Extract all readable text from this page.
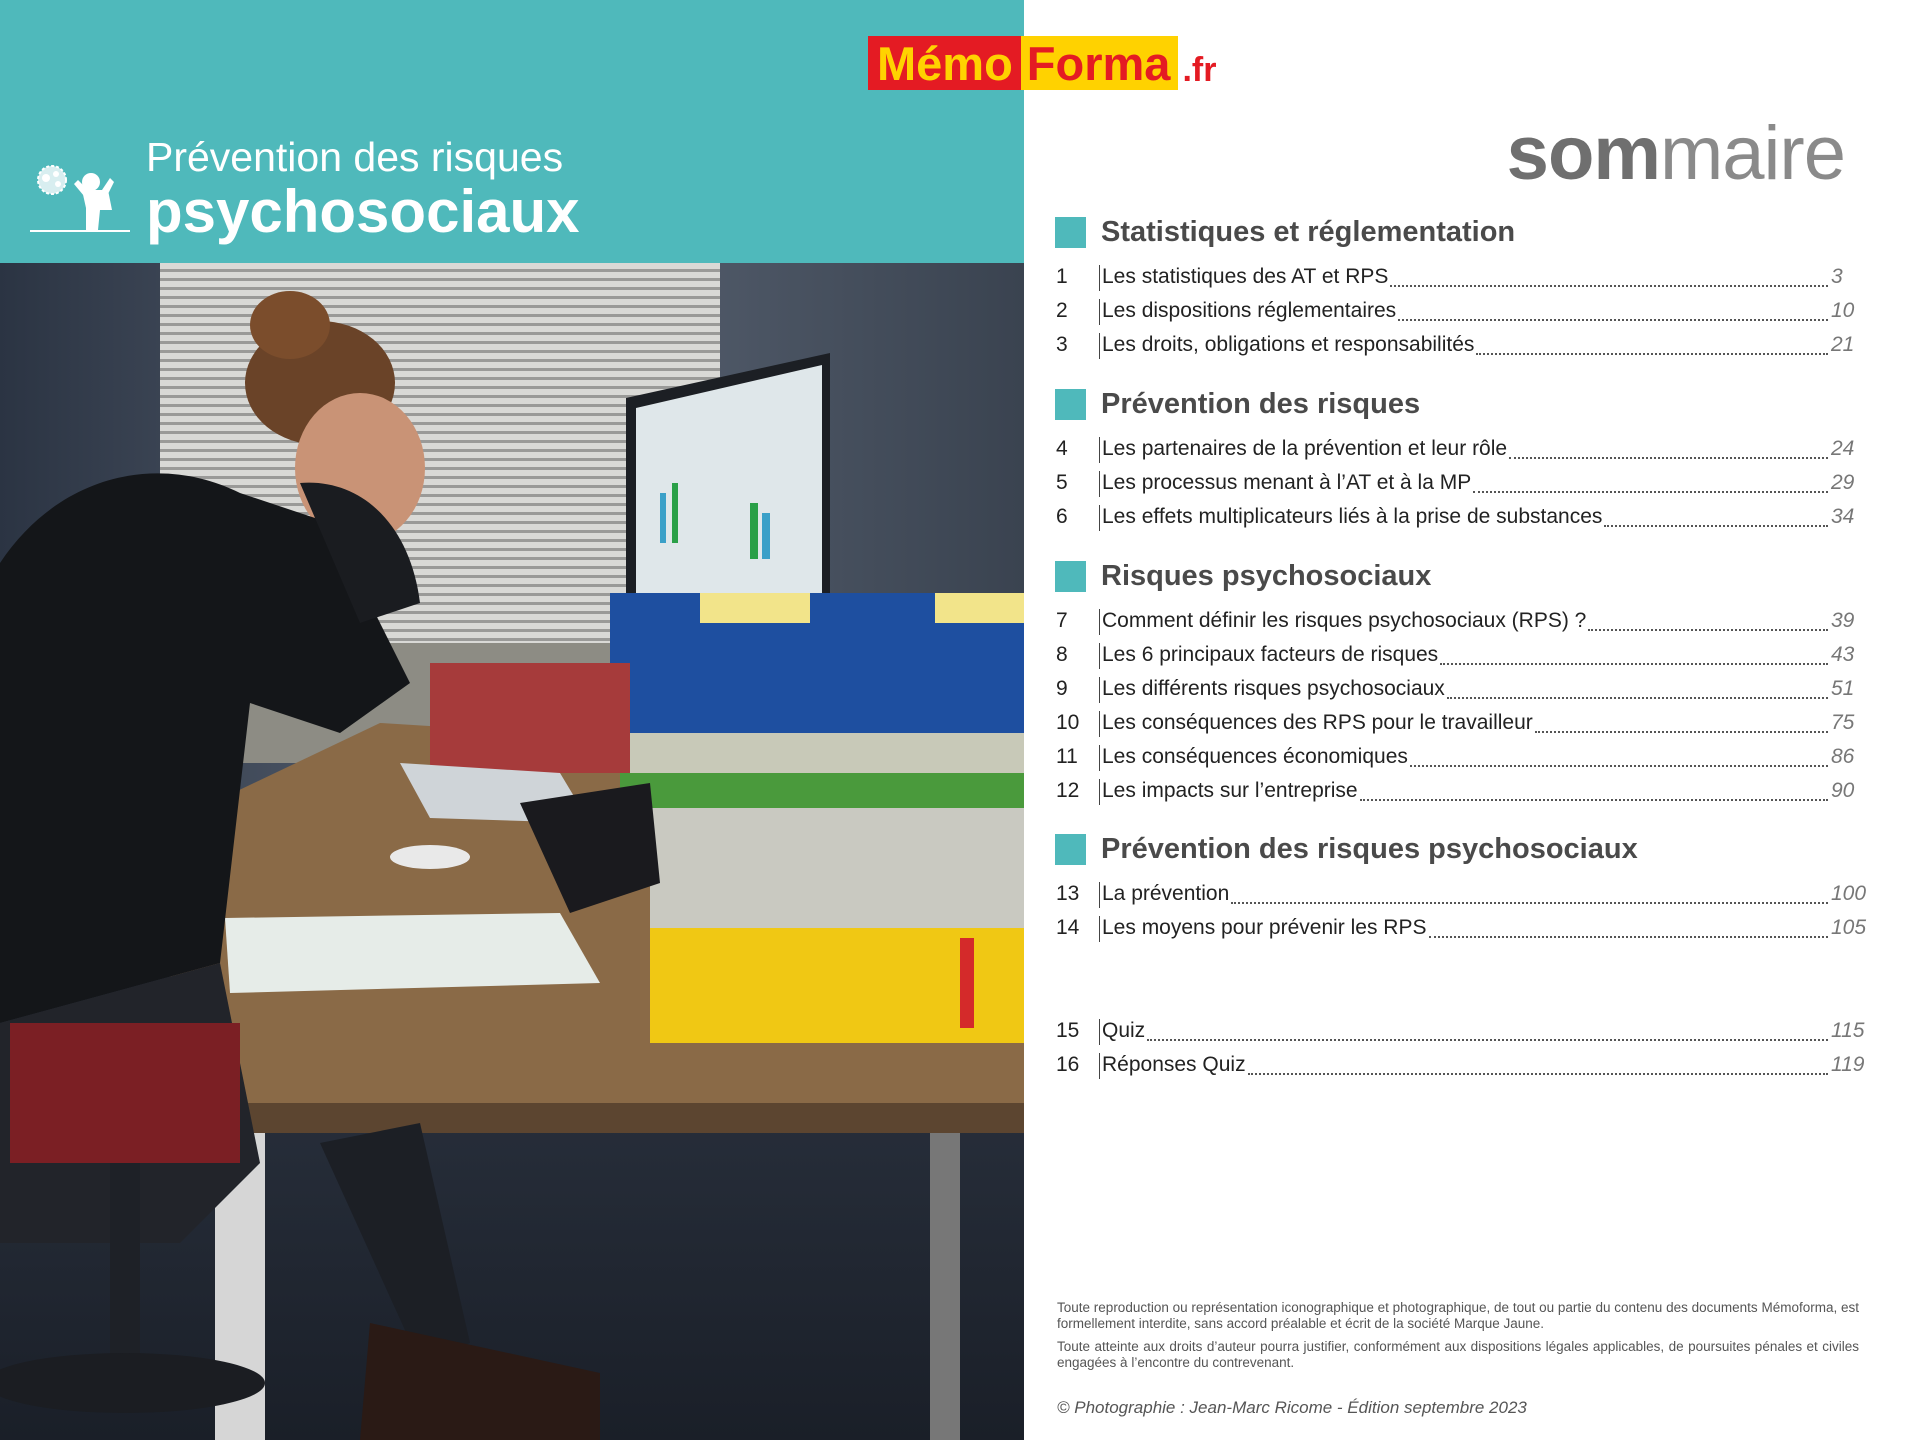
Prévention des risques
psychosociaux
Mémo Forma .fr
sommaire
Statistiques et réglementation
1	Les statistiques des AT et RPS	3
2	Les dispositions réglementaires	10
3	Les droits, obligations et responsabilités	21
Prévention des risques
4	Les partenaires de la prévention et leur rôle	24
5	Les processus menant à l’AT et à la MP	29
6	Les effets multiplicateurs liés à la prise de substances	34
Risques psychosociaux
7	Comment définir les risques psychosociaux (RPS) ?	39
8	Les 6 principaux facteurs de risques	43
9	Les différents risques psychosociaux	51
10	Les conséquences des RPS pour le travailleur	75
11	Les conséquences économiques	86
12	Les impacts sur l’entreprise	90
Prévention des risques psychosociaux
13	La prévention	100
14	Les moyens pour prévenir les RPS	105
15	Quiz	115
16	Réponses Quiz	119

Toute reproduction ou représentation iconographique et photographique, de tout ou partie du contenu des documents Mémoforma, est formellement interdite, sans accord préalable et écrit de la société Marque Jaune.

Toute atteinte aux droits d’auteur pourra justifier, conformément aux dispositions légales applicables, de poursuites pénales et civiles engagées à l’encontre du contrevenant.

© Photographie : Jean-Marc Ricome - Édition septembre 2023
